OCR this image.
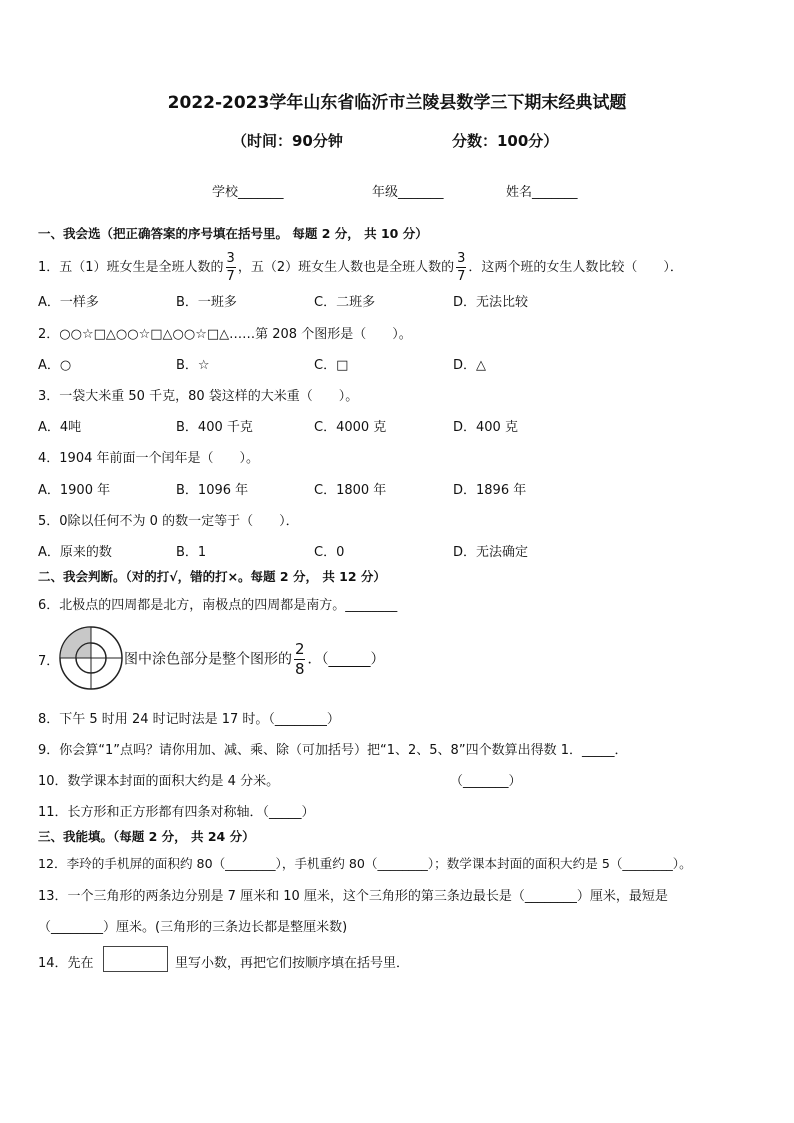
2022-2023学年山东省临沂市兰陵县数学三下期末经典试题
（时间：90分钟	分数：100分）
学校_______	年级_______	姓名_______
一、我会选（把正确答案的序号填在括号里。 每题 2 分， 共 10 分）
1．五（1）班女生是全班人数的 $\frac{3}{7}$ ，五（2）班女生人数也是全班人数的 $\frac{3}{7}$ ．这两个班的女生人数比较（　　）．
A．一样多	B．一班多	C．二班多	D．无法比较
2．○○☆□△○○☆□△○○☆□△……第 208 个图形是（　　）。
A．○	B．☆	C．□	D．△
3．一袋大米重 50 千克，80 袋这样的大米重（　　）。
A．4吨	B．400 千克	C．4000 克	D．400 克
4．1904 年前面一个闰年是（　　）。
A．1900 年	B．1096 年	C．1800 年	D．1896 年
5．0除以任何不为 0 的数一定等于（　　）．
A．原来的数	B．1	C．0	D．无法确定
二、我会判断。（对的打√，错的打×。每题 2 分， 共 12 分）
6．北极点的四周都是北方，南极点的四周都是南方。________
7．	图中涂色部分是整个图形的 $\frac{2}{8}$ ．（______）
8．下午 5 时用 24 时记时法是 17 时。（________）
9．你会算“1”点吗？请你用加、减、乘、除（可加括号）把“1、2、5、8”四个数算出得数 1．_____．
10．数学课本封面的面积大约是 4 分米。	（_______）
11．长方形和正方形都有四条对称轴．（_____）
三、我能填。（每题 2 分， 共 24 分）
12．李玲的手机屏的面积约 80（________），手机重约 80（________）；数学课本封面的面积大约是 5（________）。
13．一个三角形的两条边分别是 7 厘米和 10 厘米，这个三角形的第三条边最长是（________）厘米，最短是
（________）厘米。(三角形的三条边长都是整厘米数)
14．先在	里写小数，再把它们按顺序填在括号里．
